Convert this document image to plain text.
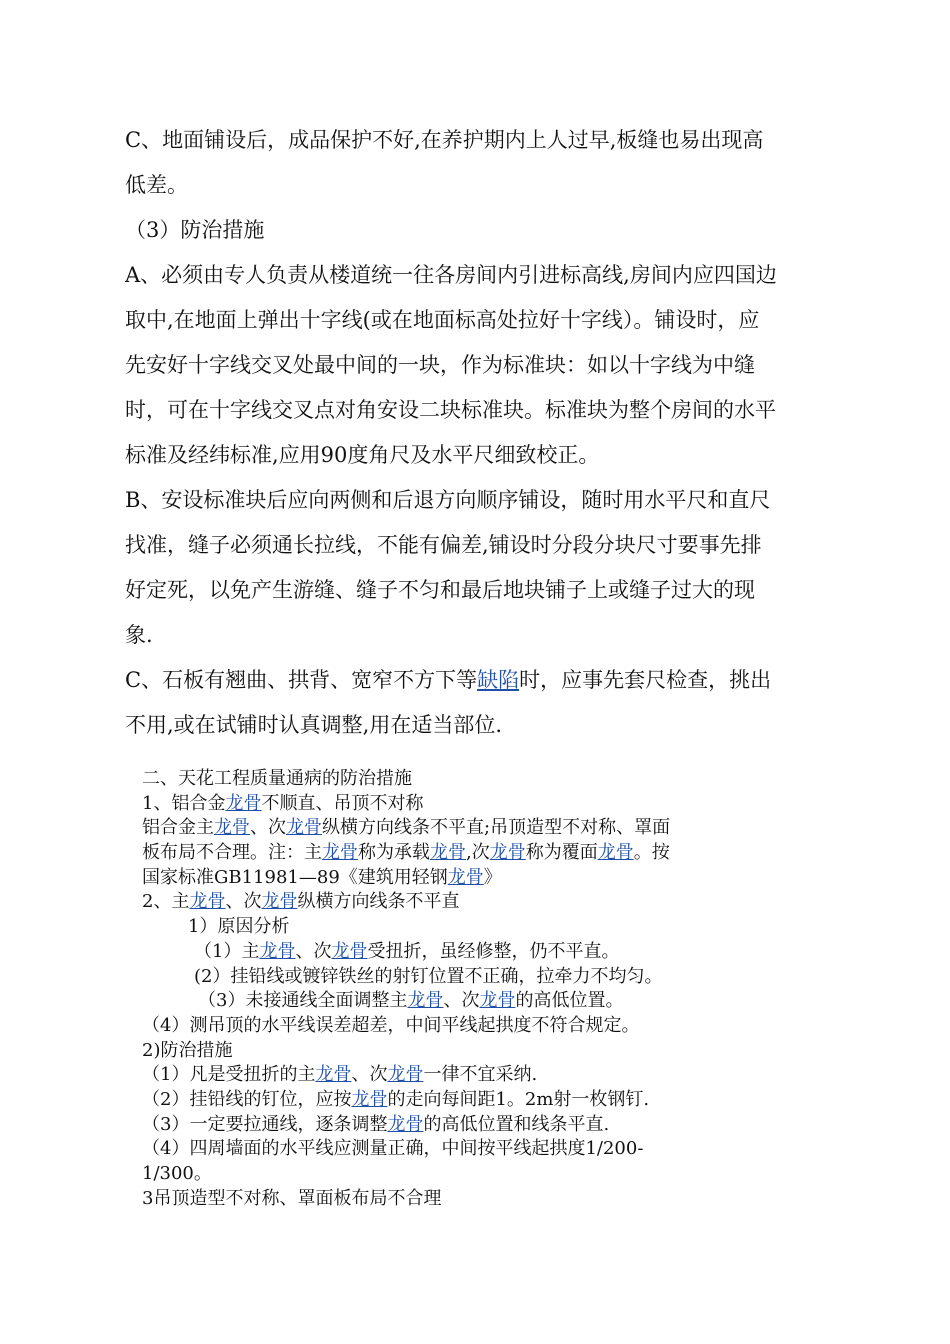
C、地面铺设后，成品保护不好,在养护期内上人过早,板缝也易出现高
低差。
（3）防治措施
A、必须由专人负责从楼道统一往各房间内引进标高线,房间内应四国边
取中,在地面上弹出十字线(或在地面标高处拉好十字线）。铺设时，应
先安好十字线交叉处最中间的一块，作为标准块：如以十字线为中缝
时，可在十字线交叉点对角安设二块标准块。标准块为整个房间的水平
标准及经纬标准,应用90度角尺及水平尺细致校正。
B、安设标准块后应向两侧和后退方向顺序铺设，随时用水平尺和直尺
找准，缝子必须通长拉线，不能有偏差,铺设时分段分块尺寸要事先排
好定死，以免产生游缝、缝子不匀和最后地块铺子上或缝子过大的现
象.
C、石板有翘曲、拱背、宽窄不方下等缺陷时，应事先套尺检查，挑出
不用,或在试铺时认真调整,用在适当部位.
二、天花工程质量通病的防治措施
1、铝合金龙骨不顺直、吊顶不对称
铝合金主龙骨、次龙骨纵横方向线条不平直;吊顶造型不对称、罩面
板布局不合理。注：主龙骨称为承载龙骨,次龙骨称为覆面龙骨。按
国家标准GB11981—89《建筑用轻钢龙骨》
2、主龙骨、次龙骨纵横方向线条不平直
1）原因分析
（1）主龙骨、次龙骨受扭折，虽经修整，仍不平直。
(2）挂铅线或镀锌铁丝的射钉位置不正确，拉牵力不均匀。
（3）未接通线全面调整主龙骨、次龙骨的高低位置。
（4）测吊顶的水平线误差超差，中间平线起拱度不符合规定。
2)防治措施
（1）凡是受扭折的主龙骨、次龙骨一律不宜采纳.
（2）挂铅线的钉位，应按龙骨的走向每间距1。2m射一枚钢钉.
（3）一定要拉通线，逐条调整龙骨的高低位置和线条平直.
（4）四周墙面的水平线应测量正确，中间按平线起拱度1/200-
1/300。
3吊顶造型不对称、罩面板布局不合理
